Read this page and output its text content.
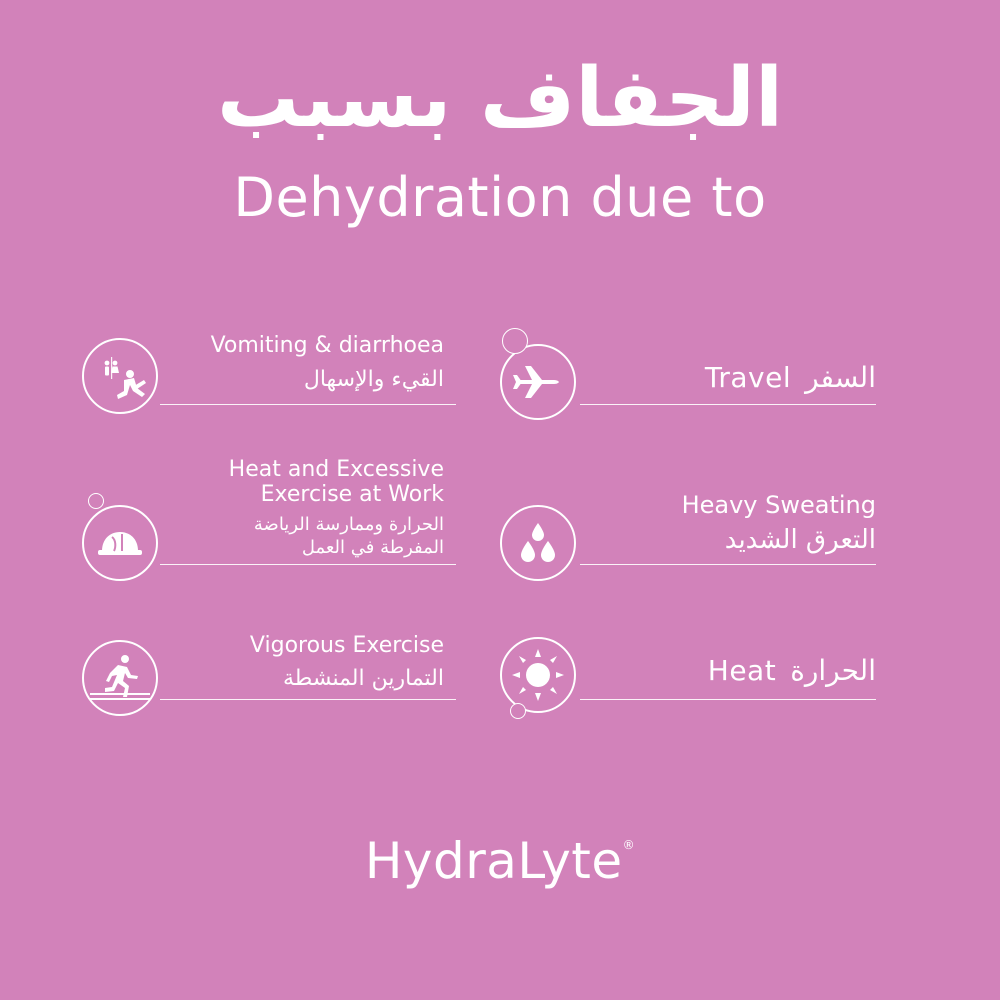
الجفاف بسبب
Dehydration due to
Vomiting & diarrhoea
القيء والإسهال	Travel السفر
Heat and Excessive
Exercise at Work
الحرارة وممارسة الرياضة
المفرطة في العمل
Heavy Sweating
التعرق الشديد
Vigorous Exercise
التمارين المنشطة	Heat الحرارة
HydraLyte®
